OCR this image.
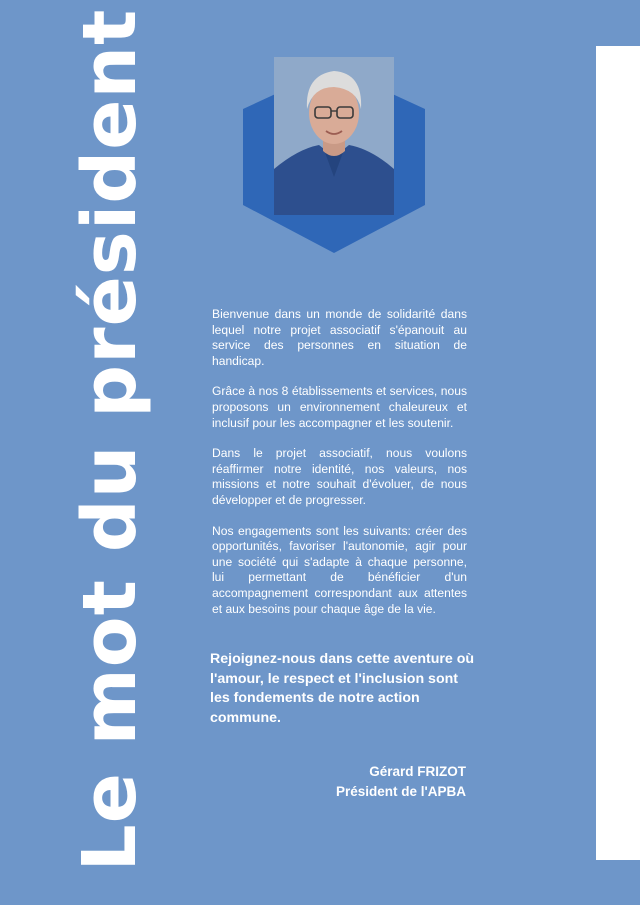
Le mot du président	Bienvenue dans un monde de solidarité dans lequel notre projet associatif s'épanouit au service des personnes en situation de handicap.

Grâce à nos 8 établissements et services, nous proposons un environnement chaleureux et inclusif pour les accompagner et les soutenir.

Dans le projet associatif, nous voulons réaffirmer notre identité, nos valeurs, nos missions et notre souhait d'évoluer, de nous développer et de progresser.

Nos engagements sont les suivants: créer des opportunités, favoriser l'autonomie, agir pour une société qui s'adapte à chaque personne, lui permettant de bénéficier d'un accompagnement correspondant aux attentes et aux besoins pour chaque âge de la vie.

Rejoignez-nous dans cette aventure où l'amour, le respect et l'inclusion sont les fondements de notre action commune.
Gérard FRIZOT
Président de l'APBA
